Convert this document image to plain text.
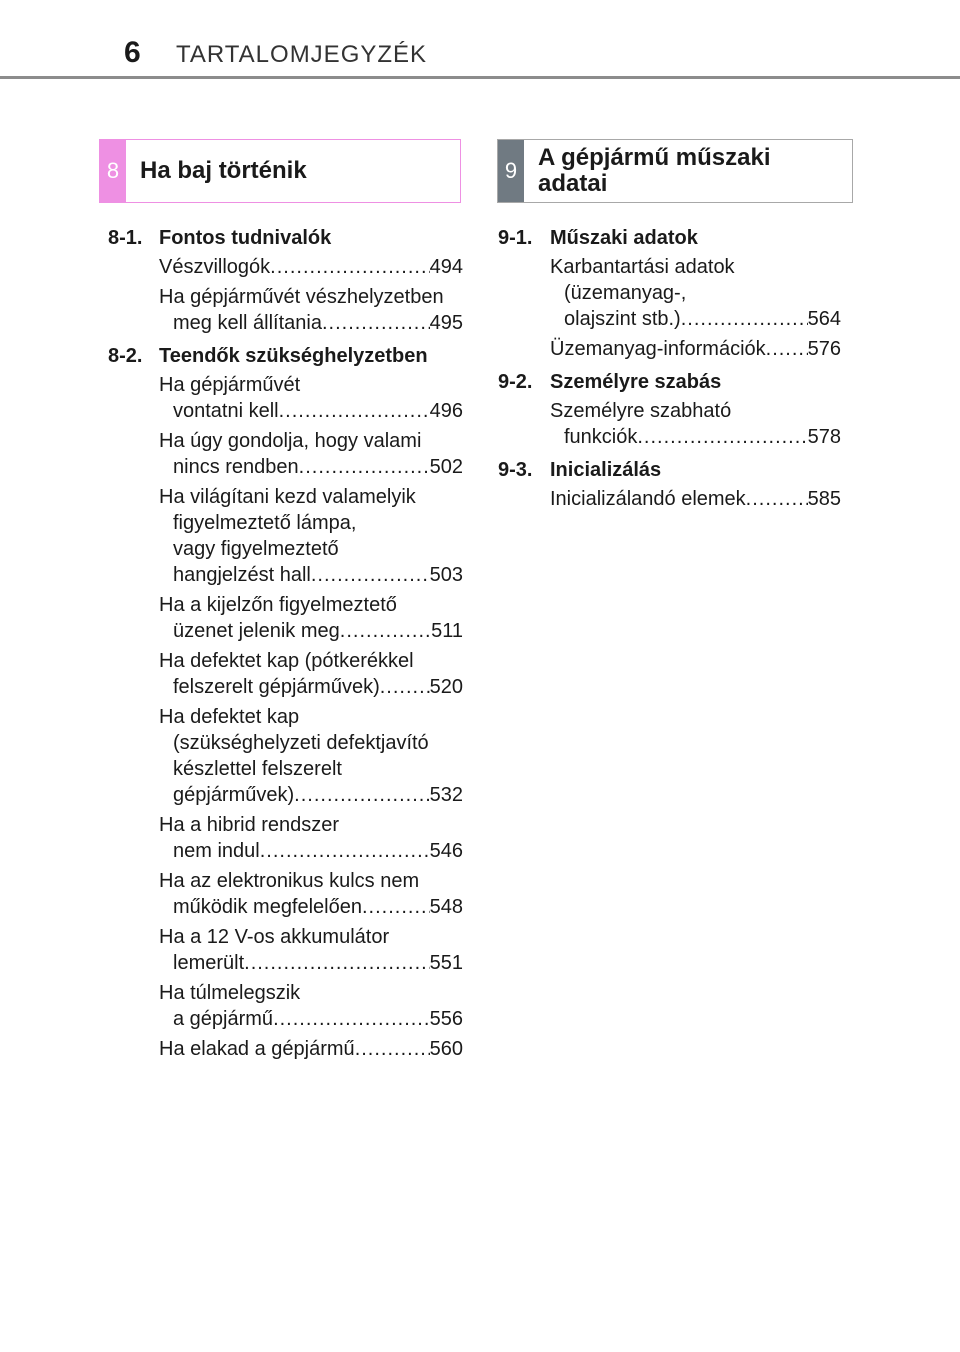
6 TARTALOMJEGYZÉK
8 Ha baj történik	9 A gépjármű műszaki
adatai
8-1. Fontos tudnivalók
Vészvillogók .....	494
Ha gépjárművét vészhelyzetben
meg kell állítania .....	495
8-2. Teendők szükséghelyzetben
Ha gépjárművét
vontatni kell .....	496
Ha úgy gondolja, hogy valami
nincs rendben .....	502
Ha világítani kezd valamelyik
figyelmeztető lámpa,
vagy figyelmeztető
hangjelzést hall .....	503
Ha a kijelzőn figyelmeztető
üzenet jelenik meg .....	511
Ha defektet kap (pótkerékkel
felszerelt gépjárművek) ..... 520
Ha defektet kap
(szükséghelyzeti defektjavító
készlettel felszerelt
gépjárművek) .....	532
Ha a hibrid rendszer
nem indul .....	546
Ha az elektronikus kulcs nem
működik megfelelően .....	548
Ha a 12 V-os akkumulátor
lemerült .....	551
Ha túlmelegszik
a gépjármű .....	556
Ha elakad a gépjármű .....	560
9-1. Műszaki adatok
Karbantartási adatok
(üzemanyag-,
olajszint stb.) .....	564
Üzemanyag-információk ..... 576
9-2. Személyre szabás
Személyre szabható
funkciók .....	578
9-3. Inicializálás
Inicializálandó elemek .....	585
